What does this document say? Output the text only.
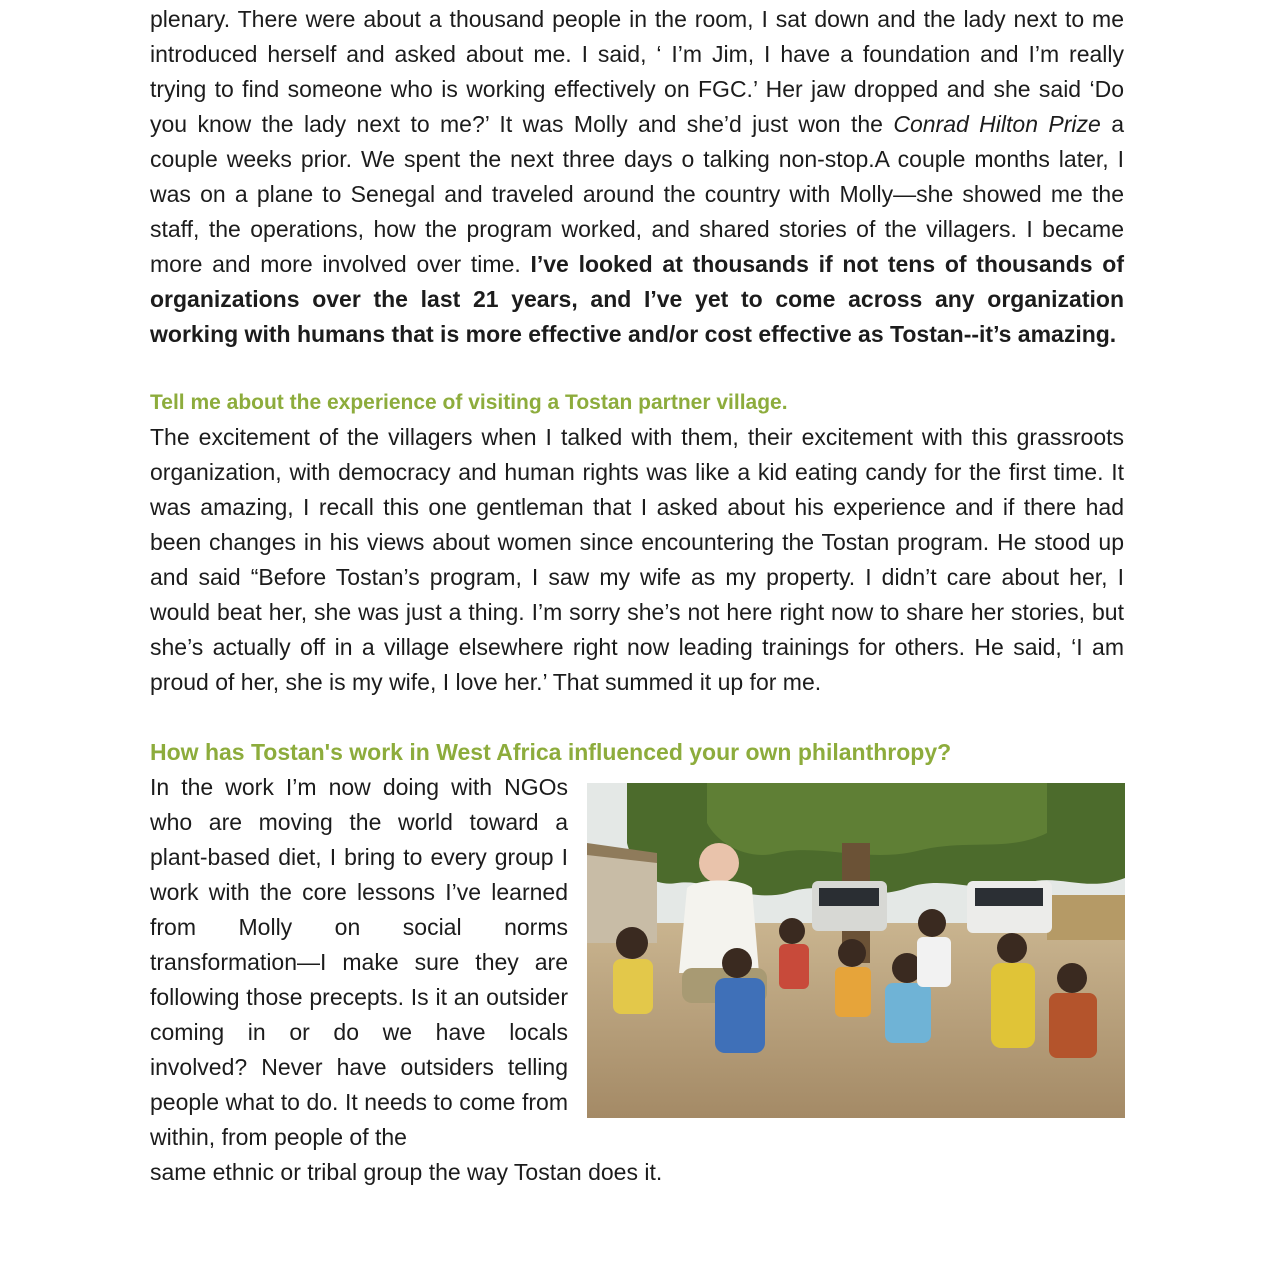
plenary. There were about a thousand people in the room, I sat down and the lady next to me introduced herself and asked about me. I said, ‘ I’m Jim, I have a foundation and I’m really trying to find someone who is working effectively on FGC.’ Her jaw dropped and she said ‘Do you know the lady next to me?’ It was Molly and she’d just won the Conrad Hilton Prize a couple weeks prior. We spent the next three days o talking non-stop.A couple months later, I was on a plane to Senegal and traveled around the country with Molly—she showed me the staff, the operations, how the program worked, and shared stories of the villagers. I became more and more involved over time. I’ve looked at thousands if not tens of thousands of organizations over the last 21 years, and I’ve yet to come across any organization working with humans that is more effective and/or cost effective as Tostan--it’s amazing.

Tell me about the experience of visiting a Tostan partner village.

The excitement of the villagers when I talked with them, their excitement with this grassroots organization, with democracy and human rights was like a kid eating candy for the first time. It was amazing, I recall this one gentleman that I asked about his experience and if there had been changes in his views about women since encountering the Tostan program. He stood up and said “Before Tostan’s program, I saw my wife as my property. I didn’t care about her, I would beat her, she was just a thing. I’m sorry she’s not here right now to share her stories, but she’s actually off in a village elsewhere right now leading trainings for others. He said, ‘I am proud of her, she is my wife, I love her.’ That summed it up for me.

How has Tostan's work in West Africa influenced your own philanthropy?

In the work I’m now doing with NGOs who are moving the world toward a plant-based diet, I bring to every group I work with the core lessons I’ve learned from Molly on social norms transformation—I make sure they are following those precepts. Is it an outsider coming in or do we have locals involved? Never have outsiders telling people what to do. It needs to come from within, from people of the

same ethnic or tribal group the way Tostan does it.
